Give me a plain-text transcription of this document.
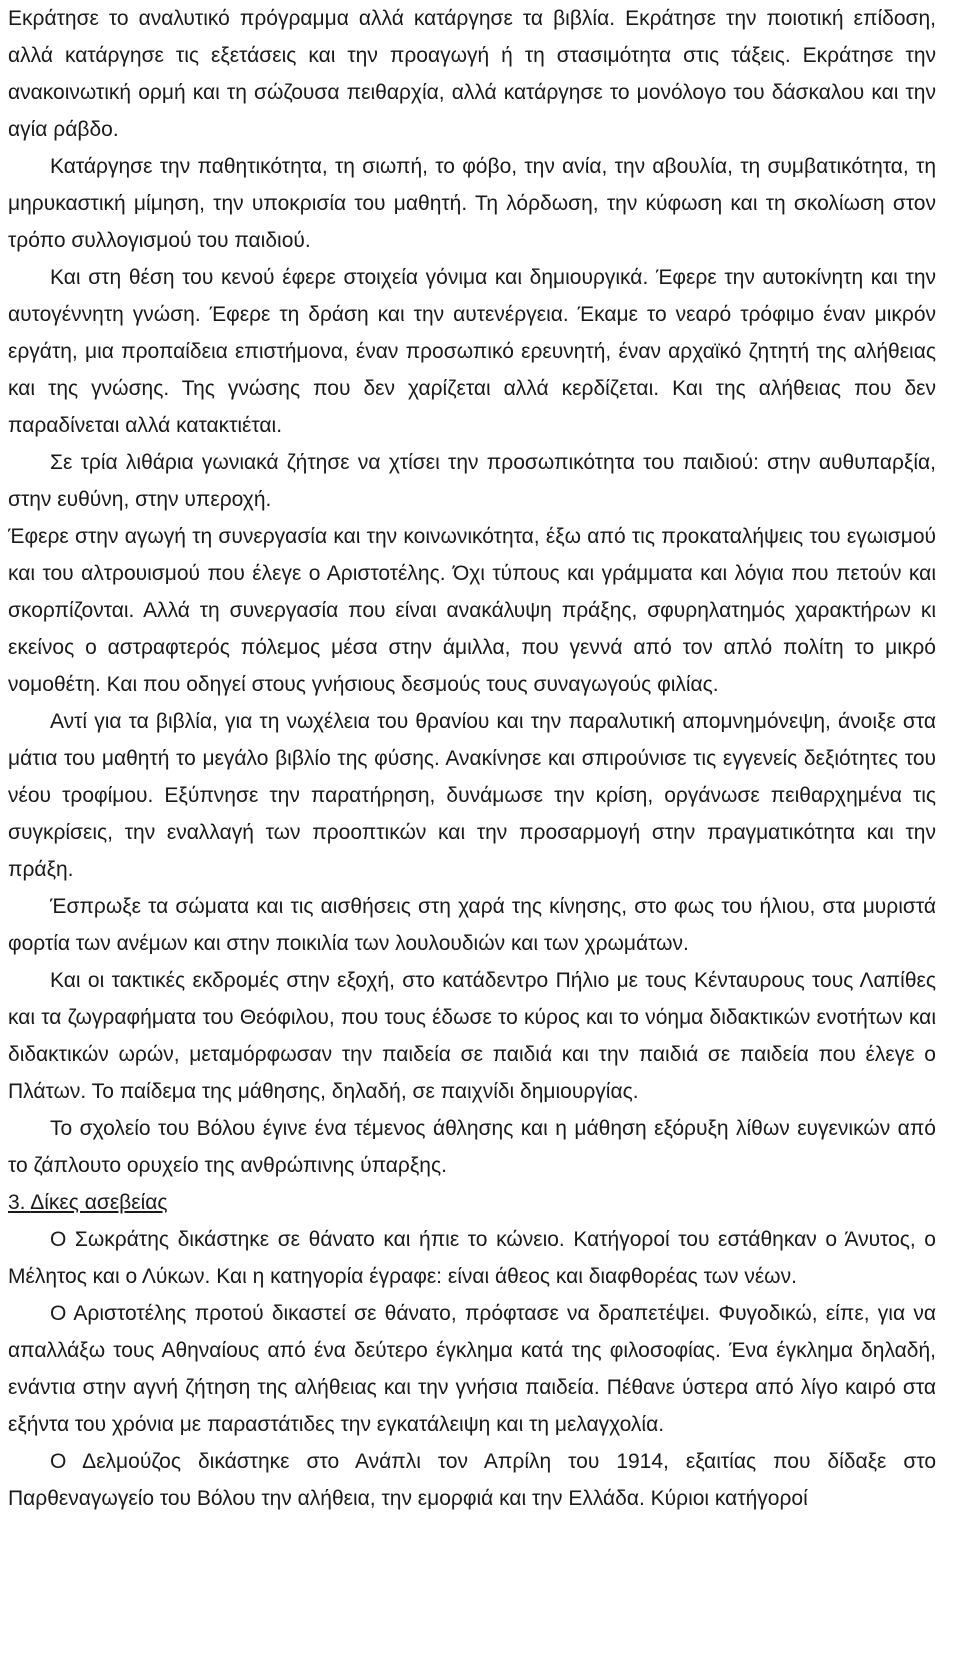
Εκράτησε το αναλυτικό πρόγραμμα αλλά κατάργησε τα βιβλία. Εκράτησε την ποιοτική επίδοση, αλλά κατάργησε τις εξετάσεις και την προαγωγή ή τη στασιμότητα στις τάξεις. Εκράτησε την ανακοινωτική ορμή και τη σώζουσα πειθαρχία, αλλά κατάργησε το μονόλογο του δάσκαλου και την αγία ράβδο.

Κατάργησε την παθητικότητα, τη σιωπή, το φόβο, την ανία, την αβουλία, τη συμβατικότητα, τη μηρυκαστική μίμηση, την υποκρισία του μαθητή. Τη λόρδωση, την κύφωση και τη σκολίωση στον τρόπο συλλογισμού του παιδιού.

Και στη θέση του κενού έφερε στοιχεία γόνιμα και δημιουργικά. Έφερε την αυτοκίνητη και την αυτογέννητη γνώση. Έφερε τη δράση και την αυτενέργεια. Έκαμε το νεαρό τρόφιμο έναν μικρόν εργάτη, μια προπαίδεια επιστήμονα, έναν προσωπικό ερευνητή, έναν αρχαϊκό ζητητή της αλήθειας και της γνώσης. Της γνώσης που δεν χαρίζεται αλλά κερδίζεται. Και της αλήθειας που δεν παραδίνεται αλλά κατακτιέται.

Σε τρία λιθάρια γωνιακά ζήτησε να χτίσει την προσωπικότητα του παιδιού: στην αυθυπαρξία, στην ευθύνη, στην υπεροχή.

Έφερε στην αγωγή τη συνεργασία και την κοινωνικότητα, έξω από τις προκαταλήψεις του εγωισμού και του αλτρουισμού που έλεγε ο Αριστοτέλης. Όχι τύπους και γράμματα και λόγια που πετούν και σκορπίζονται. Αλλά τη συνεργασία που είναι ανακάλυψη πράξης, σφυρηλατημός χαρακτήρων κι εκείνος ο αστραφτερός πόλεμος μέσα στην άμιλλα, που γεννά από τον απλό πολίτη το μικρό νομοθέτη. Και που οδηγεί στους γνήσιους δεσμούς τους συναγωγούς φιλίας.

Αντί για τα βιβλία, για τη νωχέλεια του θρανίου και την παραλυτική απομνημόνεψη, άνοιξε στα μάτια του μαθητή το μεγάλο βιβλίο της φύσης. Ανακίνησε και σπιρούνισε τις εγγενείς δεξιότητες του νέου τροφίμου. Εξύπνησε την παρατήρηση, δυνάμωσε την κρίση, οργάνωσε πειθαρχημένα τις συγκρίσεις, την εναλλαγή των προοπτικών και την προσαρμογή στην πραγματικότητα και την πράξη.

Έσπρωξε τα σώματα και τις αισθήσεις στη χαρά της κίνησης, στο φως του ήλιου, στα μυριστά φορτία των ανέμων και στην ποικιλία των λουλουδιών και των χρωμάτων.

Και οι τακτικές εκδρομές στην εξοχή, στο κατάδεντρο Πήλιο με τους Κένταυρους τους Λαπίθες και τα ζωγραφήματα του Θεόφιλου, που τους έδωσε το κύρος και το νόημα διδακτικών ενοτήτων και διδακτικών ωρών, μεταμόρφωσαν την παιδεία σε παιδιά και την παιδιά σε παιδεία που έλεγε ο Πλάτων. Το παίδεμα της μάθησης, δηλαδή, σε παιχνίδι δημιουργίας.

Το σχολείο του Βόλου έγινε ένα τέμενος άθλησης και η μάθηση εξόρυξη λίθων ευγενικών από το ζάπλουτο ορυχείο της ανθρώπινης ύπαρξης.

3. Δίκες ασεβείας

Ο Σωκράτης δικάστηκε σε θάνατο και ήπιε το κώνειο. Κατήγοροί του εστάθηκαν ο Άνυτος, ο Μέλητος και ο Λύκων. Και η κατηγορία έγραφε: είναι άθεος και διαφθορέας των νέων.

Ο Αριστοτέλης προτού δικαστεί σε θάνατο, πρόφτασε να δραπετέψει. Φυγοδικώ, είπε, για να απαλλάξω τους Αθηναίους από ένα δεύτερο έγκλημα κατά της φιλοσοφίας. Ένα έγκλημα δηλαδή, ενάντια στην αγνή ζήτηση της αλήθειας και την γνήσια παιδεία. Πέθανε ύστερα από λίγο καιρό στα εξήντα του χρόνια με παραστάτιδες την εγκατάλειψη και τη μελαγχολία.

Ο Δελμούζος δικάστηκε στο Ανάπλι τον Απρίλη του 1914, εξαιτίας που δίδαξε στο Παρθεναγωγείο του Βόλου την αλήθεια, την εμορφιά και την Ελλάδα. Κύριοι κατήγοροί
